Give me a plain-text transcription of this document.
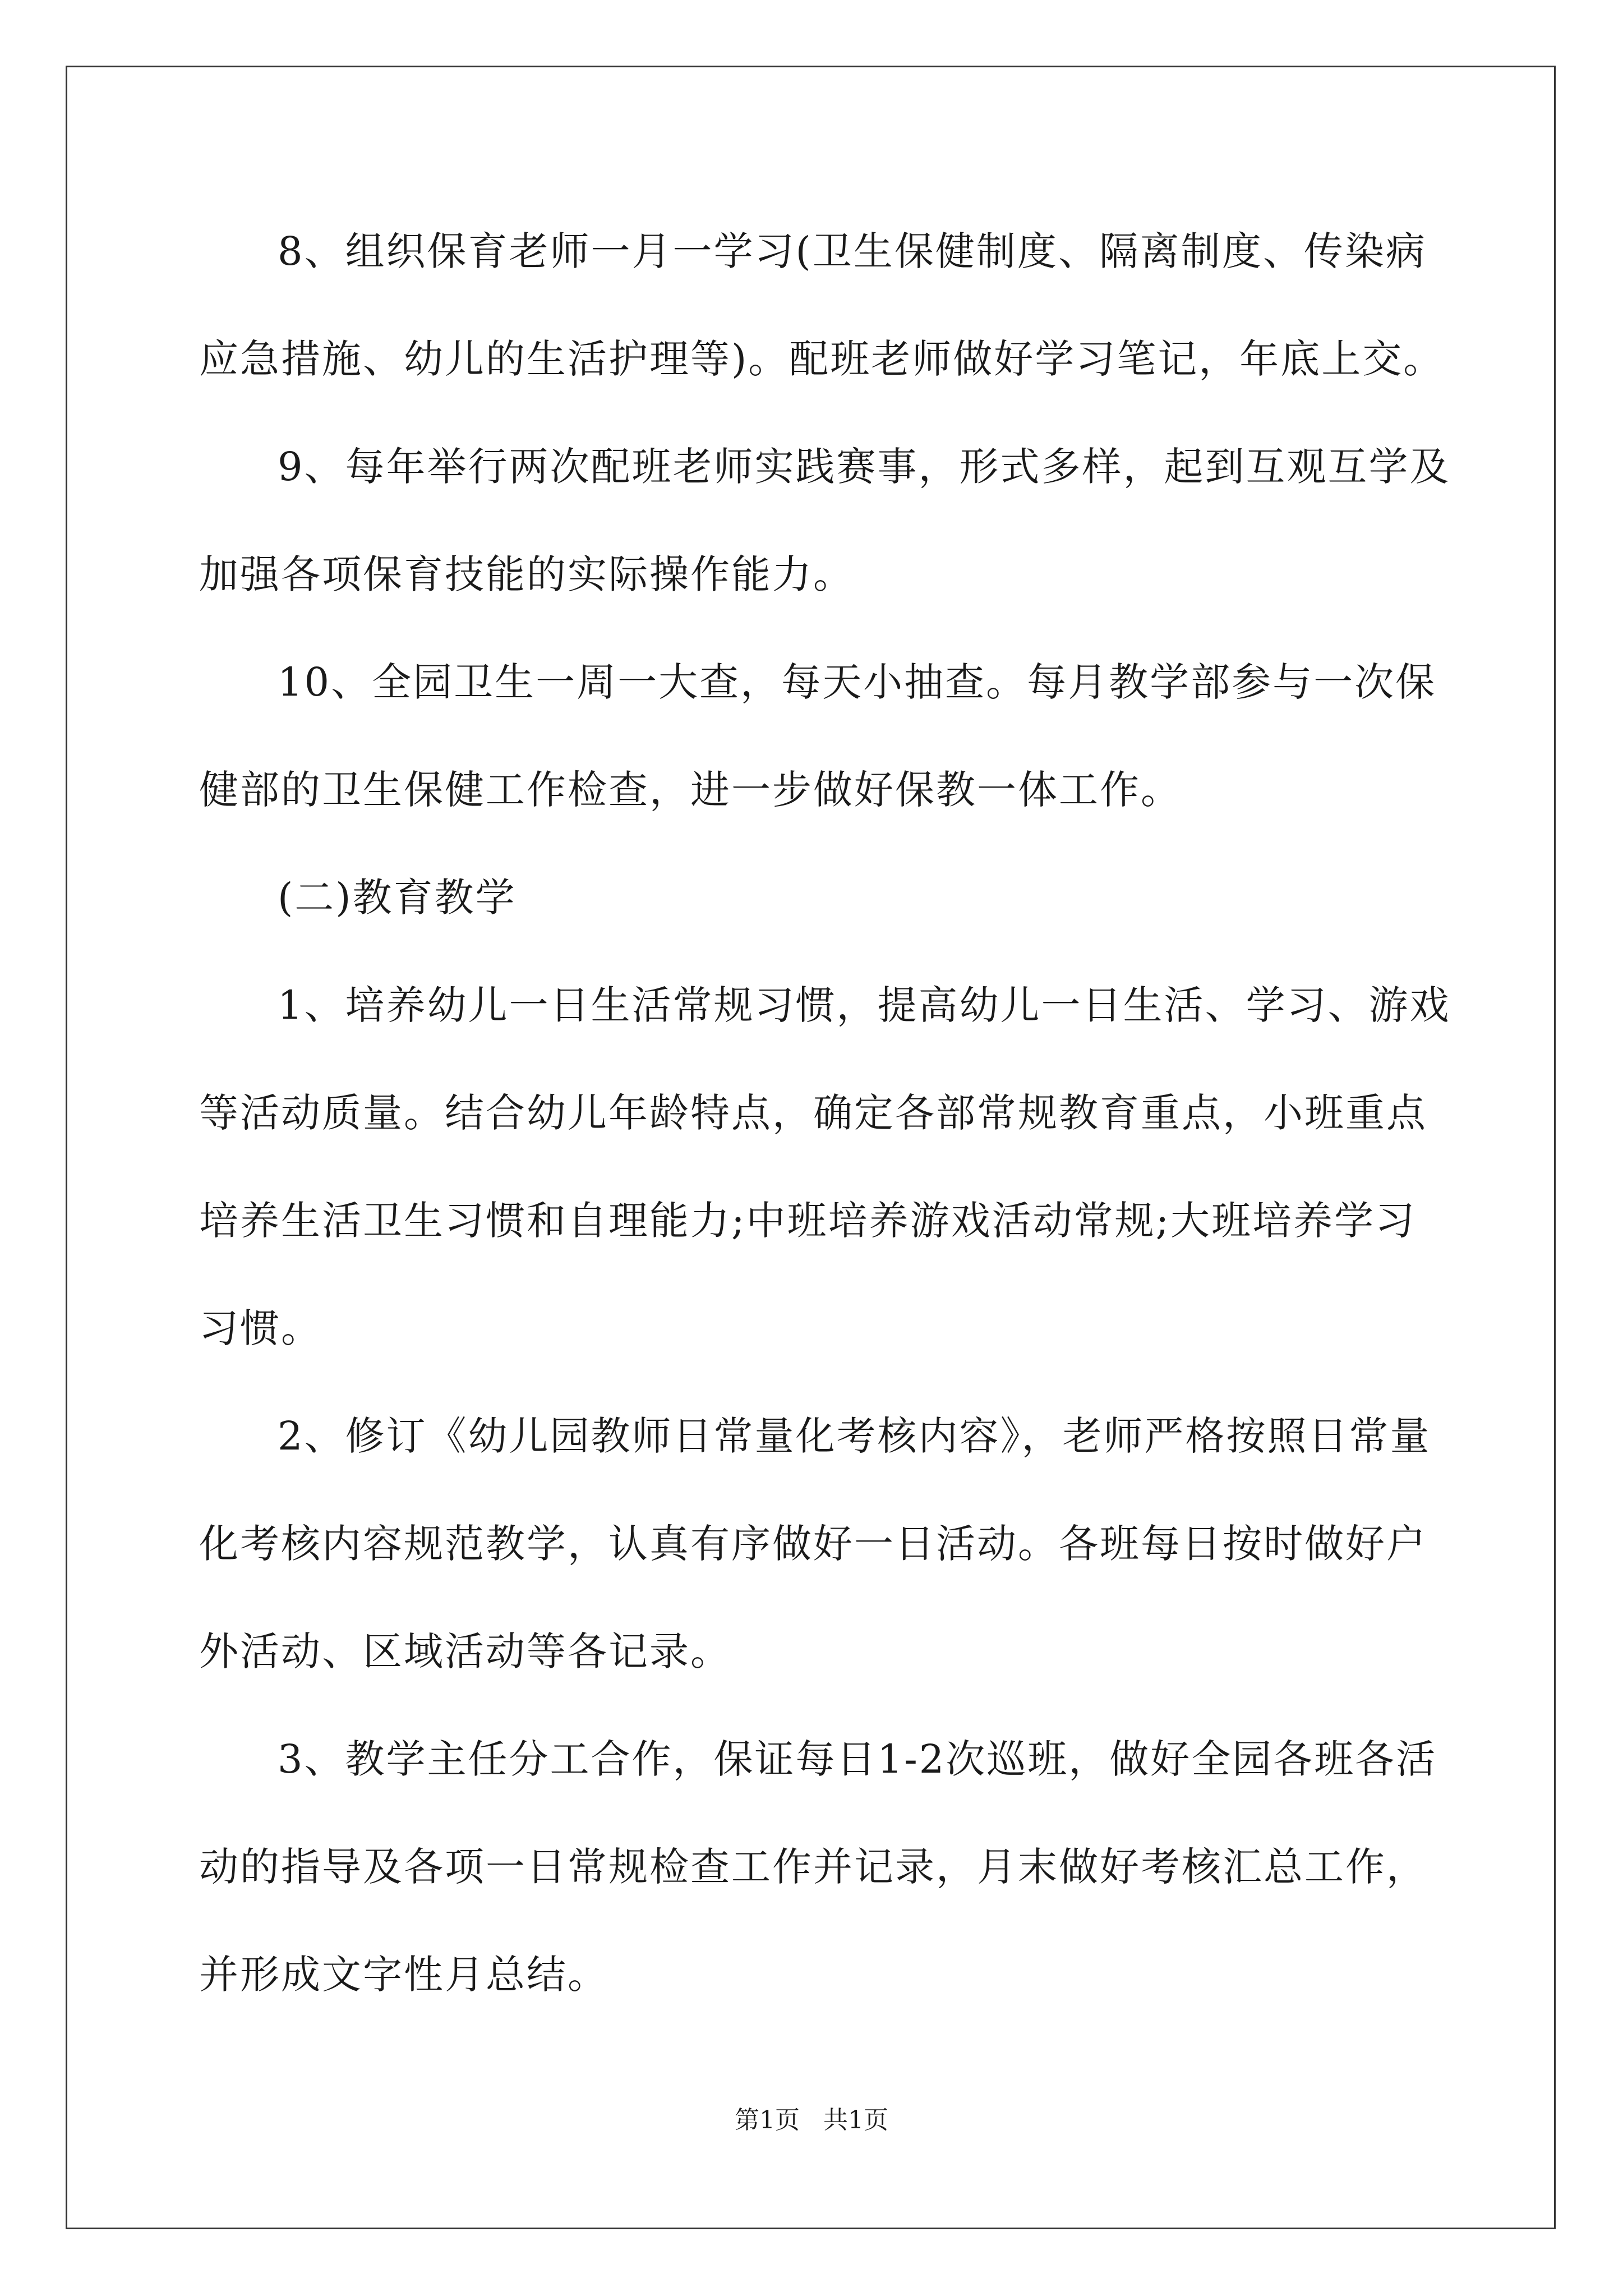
8、组织保育老师一月一学习(卫生保健制度、隔离制度、传染病
应急措施、幼儿的生活护理等)。配班老师做好学习笔记，年底上交。
9、每年举行两次配班老师实践赛事，形式多样，起到互观互学及
加强各项保育技能的实际操作能力。
10、全园卫生一周一大查，每天小抽查。每月教学部参与一次保
健部的卫生保健工作检查，进一步做好保教一体工作。
(二)教育教学
1、培养幼儿一日生活常规习惯，提高幼儿一日生活、学习、游戏
等活动质量。结合幼儿年龄特点，确定各部常规教育重点，小班重点
培养生活卫生习惯和自理能力;中班培养游戏活动常规;大班培养学习
习惯。
2、修订《幼儿园教师日常量化考核内容》，老师严格按照日常量
化考核内容规范教学，认真有序做好一日活动。各班每日按时做好户
外活动、区域活动等各记录。
3、教学主任分工合作，保证每日1-2次巡班，做好全园各班各活
动的指导及各项一日常规检查工作并记录，月末做好考核汇总工作，
并形成文字性月总结。
第1页   共1页
